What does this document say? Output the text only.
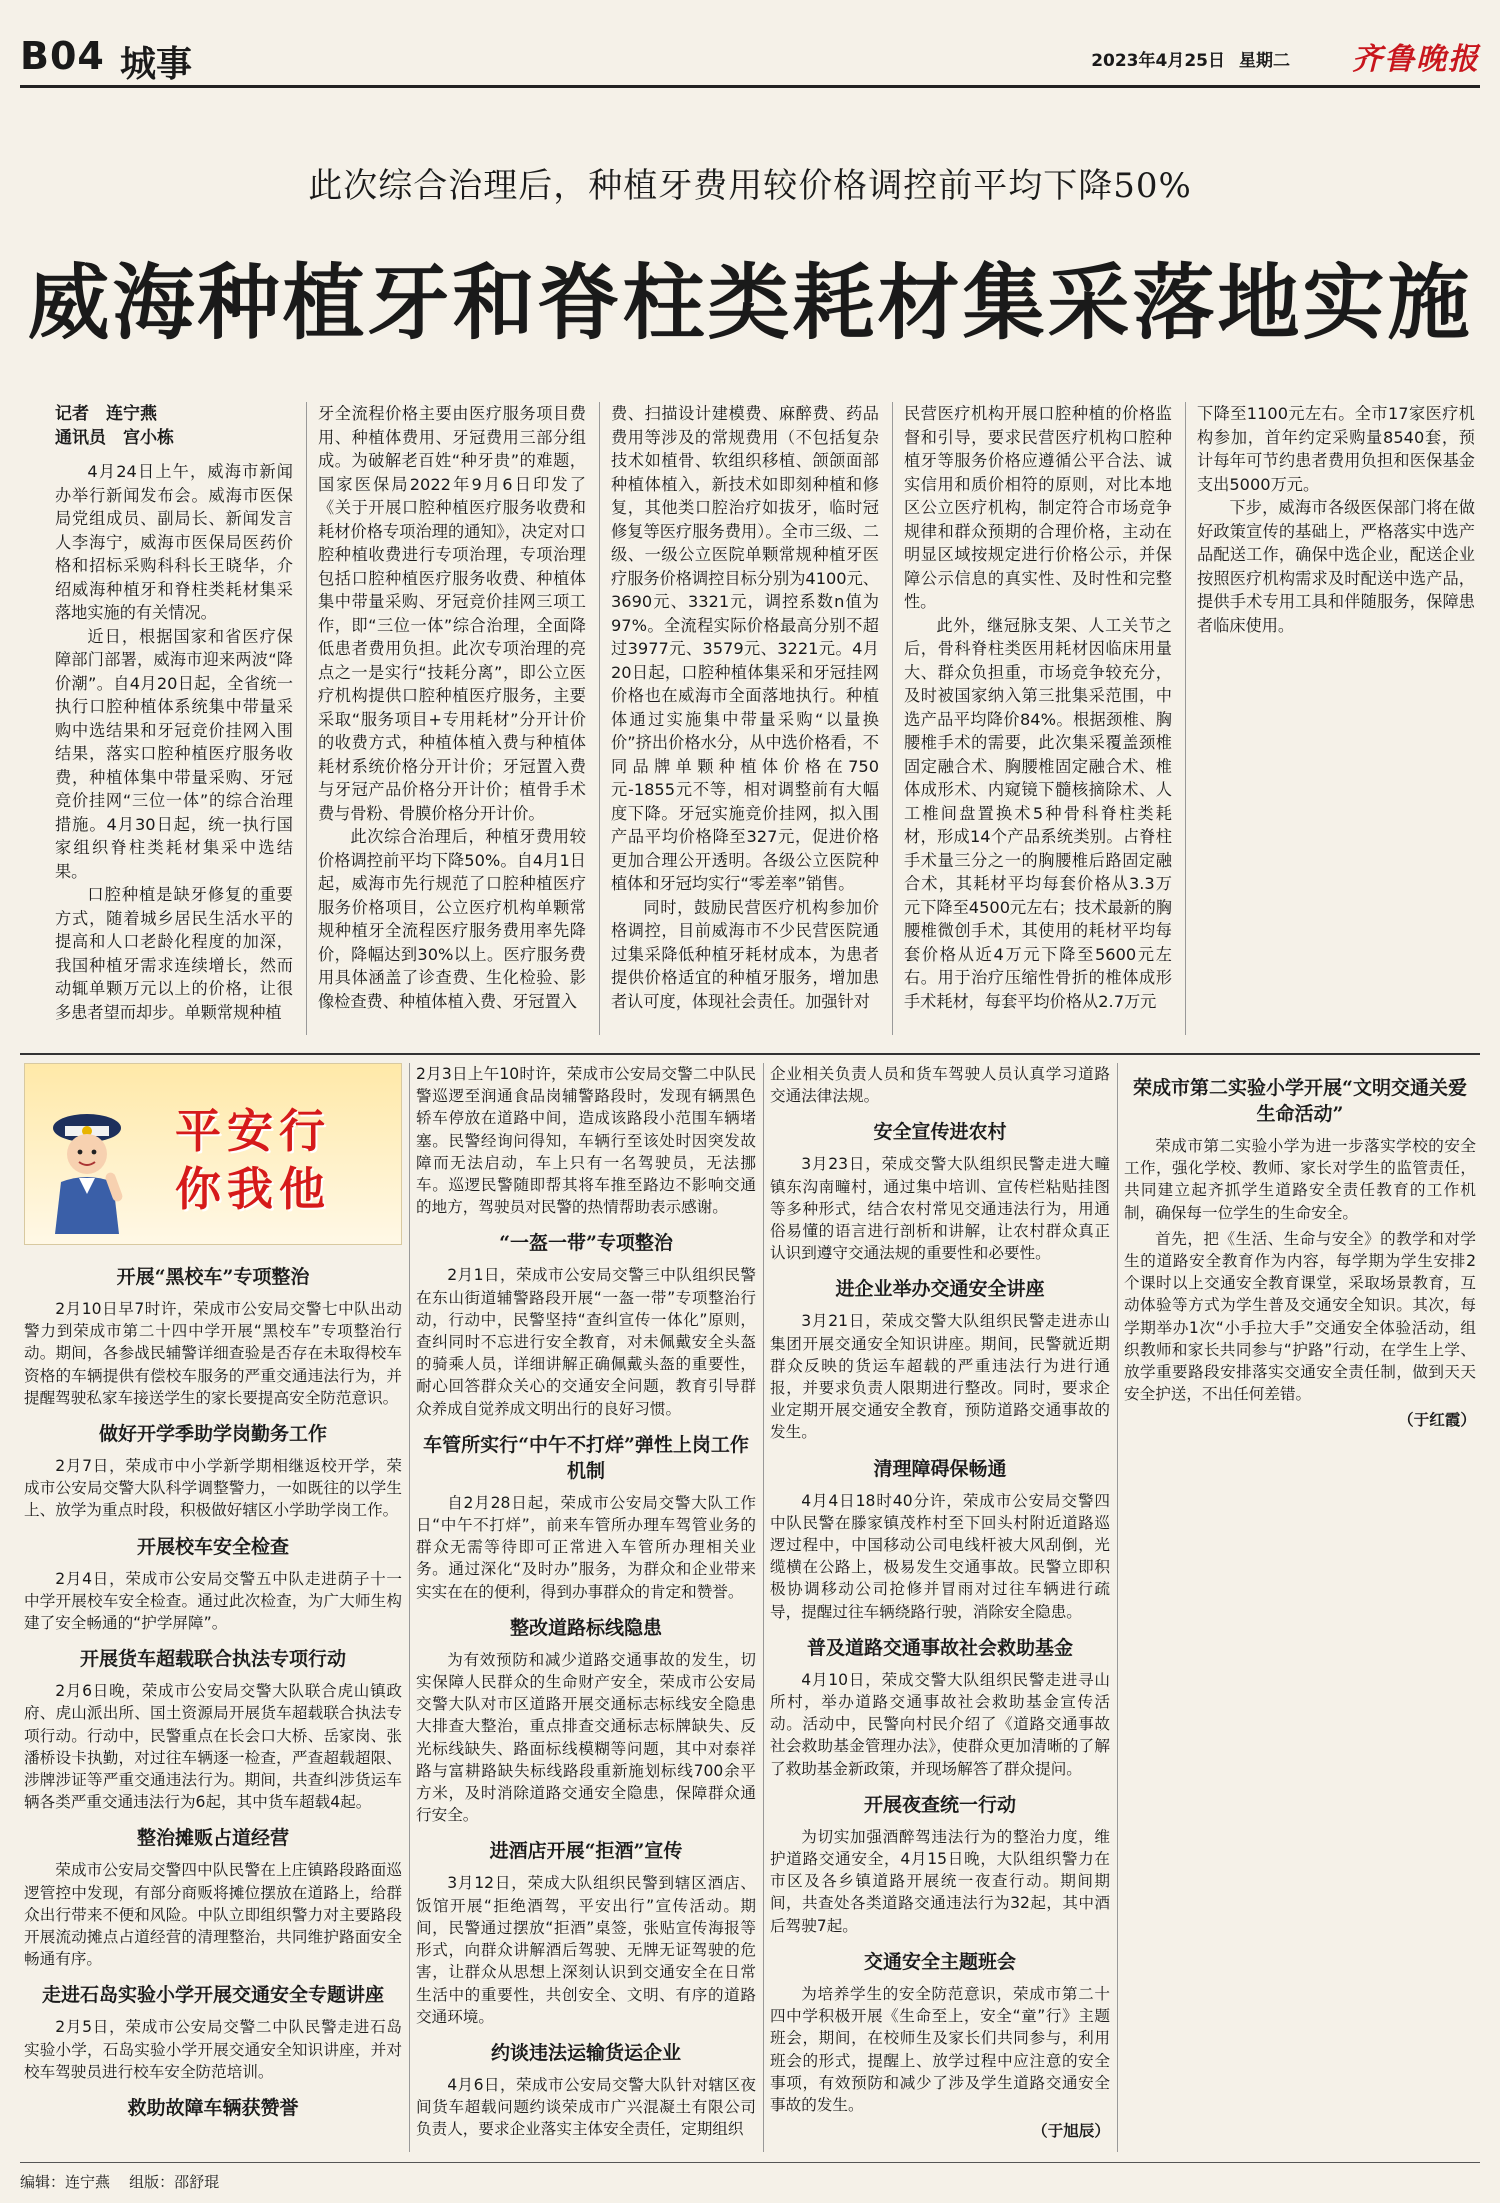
B04 城事	2023年4月25日 星期二 齐鲁晚报
此次综合治理后，种植牙费用较价格调控前平均下降50%
威海种植牙和脊柱类耗材集采落地实施
记者　连宁燕
通讯员　宫小栋

4月24日上午，威海市新闻办举行新闻发布会。威海市医保局党组成员、副局长、新闻发言人李海宁，威海市医保局医药价格和招标采购科科长王晓华，介绍威海种植牙和脊柱类耗材集采落地实施的有关情况。

近日，根据国家和省医疗保障部门部署，威海市迎来两波“降价潮”。自4月20日起，全省统一执行口腔种植体系统集中带量采购中选结果和牙冠竞价挂网入围结果，落实口腔种植医疗服务收费，种植体集中带量采购、牙冠竞价挂网“三位一体”的综合治理措施。4月30日起，统一执行国家组织脊柱类耗材集采中选结果。

口腔种植是缺牙修复的重要方式，随着城乡居民生活水平的提高和人口老龄化程度的加深，我国种植牙需求连续增长，然而动辄单颗万元以上的价格，让很多患者望而却步。单颗常规种植

牙全流程价格主要由医疗服务项目费用、种植体费用、牙冠费用三部分组成。为破解老百姓“种牙贵”的难题，国家医保局2022年9月6日印发了《关于开展口腔种植医疗服务收费和耗材价格专项治理的通知》，决定对口腔种植收费进行专项治理，专项治理包括口腔种植医疗服务收费、种植体集中带量采购、牙冠竞价挂网三项工作，即“三位一体”综合治理，全面降低患者费用负担。此次专项治理的亮点之一是实行“技耗分离”，即公立医疗机构提供口腔种植医疗服务，主要采取“服务项目+专用耗材”分开计价的收费方式，种植体植入费与种植体耗材系统价格分开计价；牙冠置入费与牙冠产品价格分开计价；植骨手术费与骨粉、骨膜价格分开计价。

此次综合治理后，种植牙费用较价格调控前平均下降50%。自4月1日起，威海市先行规范了口腔种植医疗服务价格项目，公立医疗机构单颗常规种植牙全流程医疗服务费用率先降价，降幅达到30%以上。医疗服务费用具体涵盖了诊查费、生化检验、影像检查费、种植体植入费、牙冠置入

费、扫描设计建模费、麻醉费、药品费用等涉及的常规费用（不包括复杂技术如植骨、软组织移植、颌颌面部种植体植入，新技术如即刻种植和修复，其他类口腔治疗如拔牙，临时冠修复等医疗服务费用）。全市三级、二级、一级公立医院单颗常规种植牙医疗服务价格调控目标分别为4100元、3690元、3321元，调控系数n值为97%。全流程实际价格最高分别不超过3977元、3579元、3221元。4月20日起，口腔种植体集采和牙冠挂网价格也在威海市全面落地执行。种植体通过实施集中带量采购“以量换价”挤出价格水分，从中选价格看，不同品牌单颗种植体价格在750元-1855元不等，相对调整前有大幅度下降。牙冠实施竞价挂网，拟入围产品平均价格降至327元，促进价格更加合理公开透明。各级公立医院种植体和牙冠均实行“零差率”销售。

同时，鼓励民营医疗机构参加价格调控，目前威海市不少民营医院通过集采降低种植牙耗材成本，为患者提供价格适宜的种植牙服务，增加患者认可度，体现社会责任。加强针对

民营医疗机构开展口腔种植的价格监督和引导，要求民营医疗机构口腔种植牙等服务价格应遵循公平合法、诚实信用和质价相符的原则，对比本地区公立医疗机构，制定符合市场竞争规律和群众预期的合理价格，主动在明显区域按规定进行价格公示，并保障公示信息的真实性、及时性和完整性。

此外，继冠脉支架、人工关节之后，骨科脊柱类医用耗材因临床用量大、群众负担重，市场竞争较充分，及时被国家纳入第三批集采范围，中选产品平均降价84%。根据颈椎、胸腰椎手术的需要，此次集采覆盖颈椎固定融合术、胸腰椎固定融合术、椎体成形术、内窥镜下髓核摘除术、人工椎间盘置换术5种骨科脊柱类耗材，形成14个产品系统类别。占脊柱手术量三分之一的胸腰椎后路固定融合术，其耗材平均每套价格从3.3万元下降至4500元左右；技术最新的胸腰椎微创手术，其使用的耗材平均每套价格从近4万元下降至5600元左右。用于治疗压缩性骨折的椎体成形手术耗材，每套平均价格从2.7万元

下降至1100元左右。全市17家医疗机构参加，首年约定采购量8540套，预计每年可节约患者费用负担和医保基金支出5000万元。

下步，威海市各级医保部门将在做好政策宣传的基础上，严格落实中选产品配送工作，确保中选企业，配送企业按照医疗机构需求及时配送中选产品，提供手术专用工具和伴随服务，保障患者临床使用。

平安行
你我他
开展“黑校车”专项整治

2月10日早7时许，荣成市公安局交警七中队出动警力到荣成市第二十四中学开展“黑校车”专项整治行动。期间，各参战民辅警详细查验是否存在未取得校车资格的车辆提供有偿校车服务的严重交通违法行为，并提醒驾驶私家车接送学生的家长要提高安全防范意识。

做好开学季助学岗勤务工作

2月7日，荣成市中小学新学期相继返校开学，荣成市公安局交警大队科学调整警力，一如既往的以学生上、放学为重点时段，积极做好辖区小学助学岗工作。

开展校车安全检查

2月4日，荣成市公安局交警五中队走进荫子十一中学开展校车安全检查。通过此次检查，为广大师生构建了安全畅通的“护学屏障”。

开展货车超载联合执法专项行动

2月6日晚，荣成市公安局交警大队联合虎山镇政府、虎山派出所、国土资源局开展货车超载联合执法专项行动。行动中，民警重点在长会口大桥、岳家岗、张潘桥设卡执勤，对过往车辆逐一检查，严查超载超限、涉牌涉证等严重交通违法行为。期间，共查纠涉货运车辆各类严重交通违法行为6起，其中货车超载4起。

整治摊贩占道经营

荣成市公安局交警四中队民警在上庄镇路段路面巡逻管控中发现，有部分商贩将摊位摆放在道路上，给群众出行带来不便和风险。中队立即组织警力对主要路段开展流动摊点占道经营的清理整治，共同维护路面安全畅通有序。

走进石岛实验小学开展交通安全专题讲座

2月5日，荣成市公安局交警二中队民警走进石岛实验小学，石岛实验小学开展交通安全知识讲座，并对校车驾驶员进行校车安全防范培训。

救助故障车辆获赞誉

2月3日上午10时许，荣成市公安局交警二中队民警巡逻至润通食品岗辅警路段时，发现有辆黑色轿车停放在道路中间，造成该路段小范围车辆堵塞。民警经询问得知，车辆行至该处时因突发故障而无法启动，车上只有一名驾驶员，无法挪车。巡逻民警随即帮其将车推至路边不影响交通的地方，驾驶员对民警的热情帮助表示感谢。

“一盔一带”专项整治

2月1日，荣成市公安局交警三中队组织民警在东山街道辅警路段开展“一盔一带”专项整治行动，行动中，民警坚持“查纠宣传一体化”原则，查纠同时不忘进行安全教育，对未佩戴安全头盔的骑乘人员，详细讲解正确佩戴头盔的重要性，耐心回答群众关心的交通安全问题，教育引导群众养成自觉养成文明出行的良好习惯。

车管所实行“中午不打烊”弹性上岗工作机制

自2月28日起，荣成市公安局交警大队工作日“中午不打烊”，前来车管所办理车驾管业务的群众无需等待即可正常进入车管所办理相关业务。通过深化“及时办”服务，为群众和企业带来实实在在的便利，得到办事群众的肯定和赞誉。

整改道路标线隐患

为有效预防和减少道路交通事故的发生，切实保障人民群众的生命财产安全，荣成市公安局交警大队对市区道路开展交通标志标线安全隐患大排查大整治，重点排查交通标志标牌缺失、反光标线缺失、路面标线模糊等问题，其中对泰祥路与富耕路缺失标线路段重新施划标线700余平方米，及时消除道路交通安全隐患，保障群众通行安全。

进酒店开展“拒酒”宣传

3月12日，荣成大队组织民警到辖区酒店、饭馆开展“拒绝酒驾，平安出行”宣传活动。期间，民警通过摆放“拒酒”桌签，张贴宣传海报等形式，向群众讲解酒后驾驶、无牌无证驾驶的危害，让群众从思想上深刻认识到交通安全在日常生活中的重要性，共创安全、文明、有序的道路交通环境。

约谈违法运输货运企业

4月6日，荣成市公安局交警大队针对辖区夜间货车超载问题约谈荣成市广兴混凝土有限公司负责人，要求企业落实主体安全责任，定期组织

企业相关负责人员和货车驾驶人员认真学习道路交通法律法规。

安全宣传进农村

3月23日，荣成交警大队组织民警走进大疃镇东沟南疃村，通过集中培训、宣传栏粘贴挂图等多种形式，结合农村常见交通违法行为，用通俗易懂的语言进行剖析和讲解，让农村群众真正认识到遵守交通法规的重要性和必要性。

进企业举办交通安全讲座

3月21日，荣成交警大队组织民警走进赤山集团开展交通安全知识讲座。期间，民警就近期群众反映的货运车超载的严重违法行为进行通报，并要求负责人限期进行整改。同时，要求企业定期开展交通安全教育，预防道路交通事故的发生。

清理障碍保畅通

4月4日18时40分许，荣成市公安局交警四中队民警在滕家镇茂柞村至下回头村附近道路巡逻过程中，中国移动公司电线杆被大风刮倒，光缆横在公路上，极易发生交通事故。民警立即积极协调移动公司抢修并冒雨对过往车辆进行疏导，提醒过往车辆绕路行驶，消除安全隐患。

普及道路交通事故社会救助基金

4月10日，荣成交警大队组织民警走进寻山所村，举办道路交通事故社会救助基金宣传活动。活动中，民警向村民介绍了《道路交通事故社会救助基金管理办法》，使群众更加清晰的了解了救助基金新政策，并现场解答了群众提问。

开展夜查统一行动

为切实加强酒醉驾违法行为的整治力度，维护道路交通安全，4月15日晚，大队组织警力在市区及各乡镇道路开展统一夜查行动。期间期间，共查处各类道路交通违法行为32起，其中酒后驾驶7起。

交通安全主题班会

为培养学生的安全防范意识，荣成市第二十四中学积极开展《生命至上，安全“童”行》主题班会，期间，在校师生及家长们共同参与，利用班会的形式，提醒上、放学过程中应注意的安全事项，有效预防和减少了涉及学生道路交通安全事故的发生。

（于旭辰）

荣成市第二实验小学开展“文明交通关爱生命活动”

荣成市第二实验小学为进一步落实学校的安全工作，强化学校、教师、家长对学生的监管责任，共同建立起齐抓学生道路安全责任教育的工作机制，确保每一位学生的生命安全。

首先，把《生活、生命与安全》的教学和对学生的道路安全教育作为内容，每学期为学生安排2个课时以上交通安全教育课堂，采取场景教育，互动体验等方式为学生普及交通安全知识。其次，每学期举办1次“小手拉大手”交通安全体验活动，组织教师和家长共同参与“护路”行动，在学生上学、放学重要路段安排落实交通安全责任制，做到天天安全护送，不出任何差错。

（于红霞）

编辑：连宁燕 组版：邵舒琨
